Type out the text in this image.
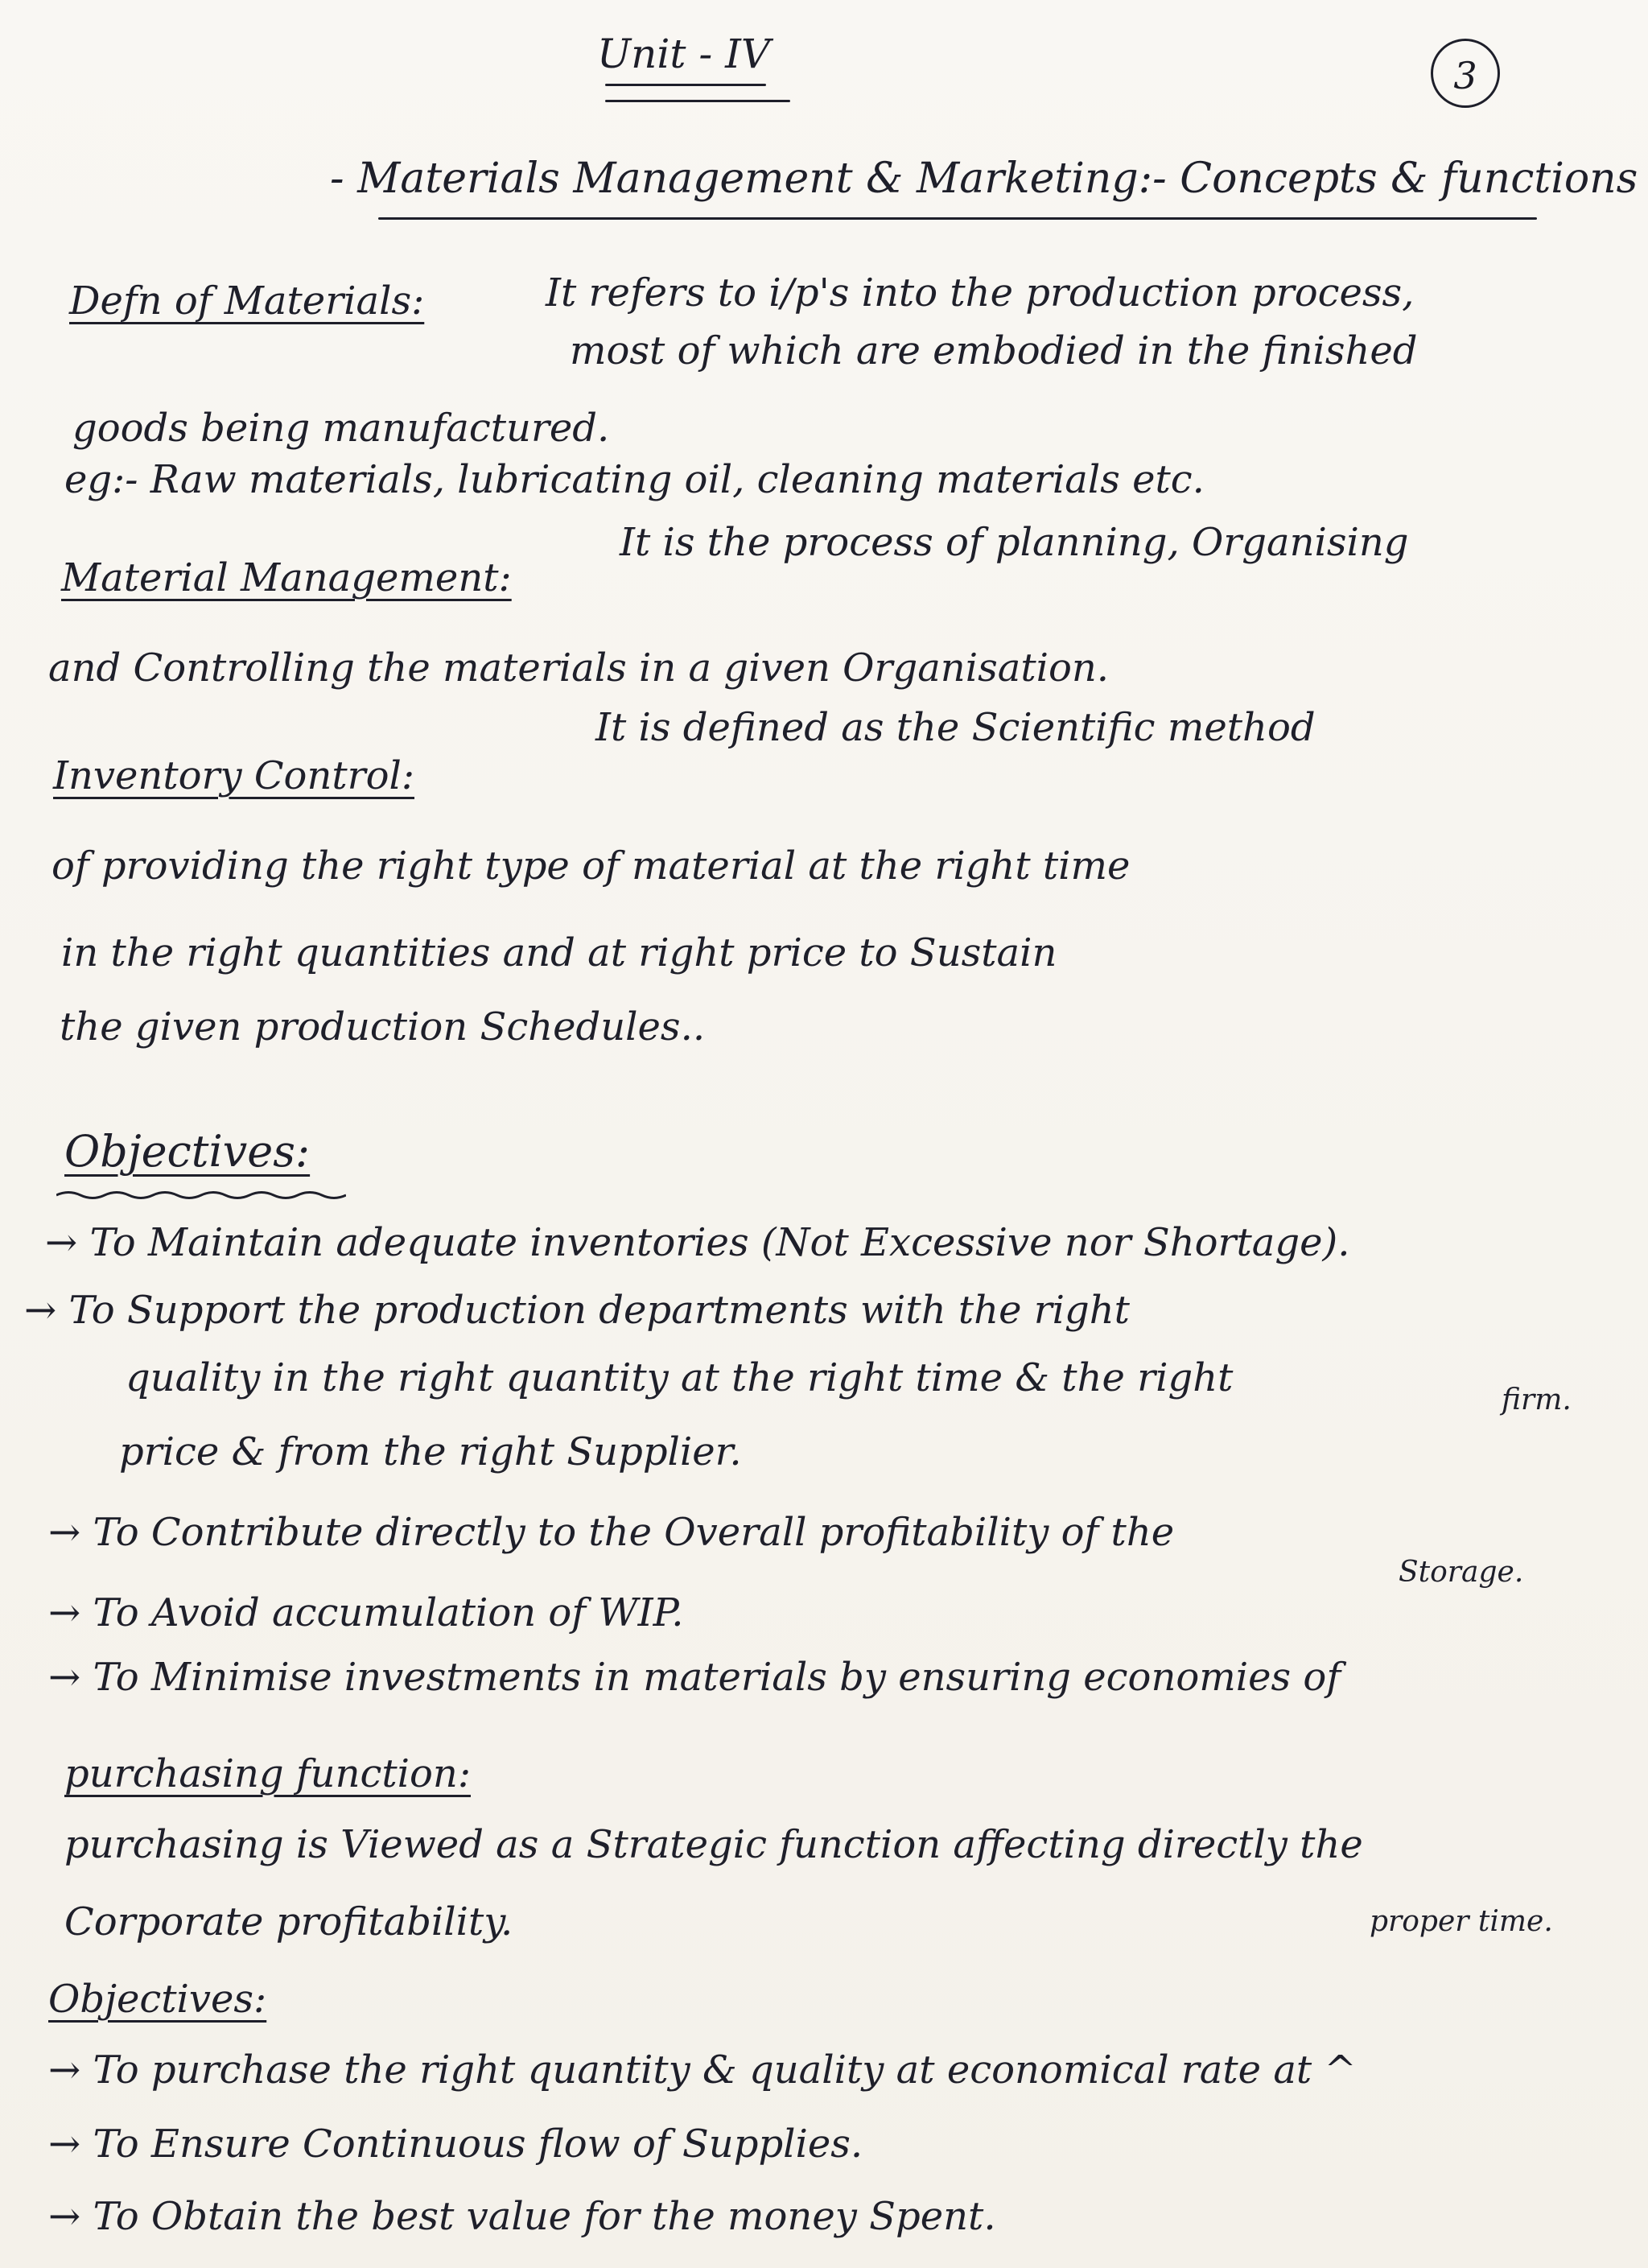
Unit - IV	3
- Materials Management & Marketing:- Concepts & functions
Defn of Materials:	It refers to i/p's into the production process,
most of which are embodied in the finished
goods being manufactured.
eg:- Raw materials, lubricating oil, cleaning materials etc.
Material Management:
It is the process of planning, Organising
and Controlling the materials in a given Organisation.
Inventory Control:
It is defined as the Scientific method
of providing the right type of material at the right time
in the right quantities and at right price to Sustain
the given production Schedules..
Objectives:
→ To Maintain adequate inventories (Not Excessive nor Shortage).
→ To Support the production departments with the right
firm.
quality in the right quantity at the right time & the right
price & from the right Supplier.
→ To Contribute directly to the Overall profitability of the
Storage.
→ To Avoid accumulation of WIP.
→ To Minimise investments in materials by ensuring economies of
purchasing function:
purchasing is Viewed as a Strategic function affecting directly the
Corporate profitability.	proper time.
Objectives:
→ To purchase the right quantity & quality at economical rate at ^
→ To Ensure Continuous flow of Supplies.
→ To Obtain the best value for the money Spent.
